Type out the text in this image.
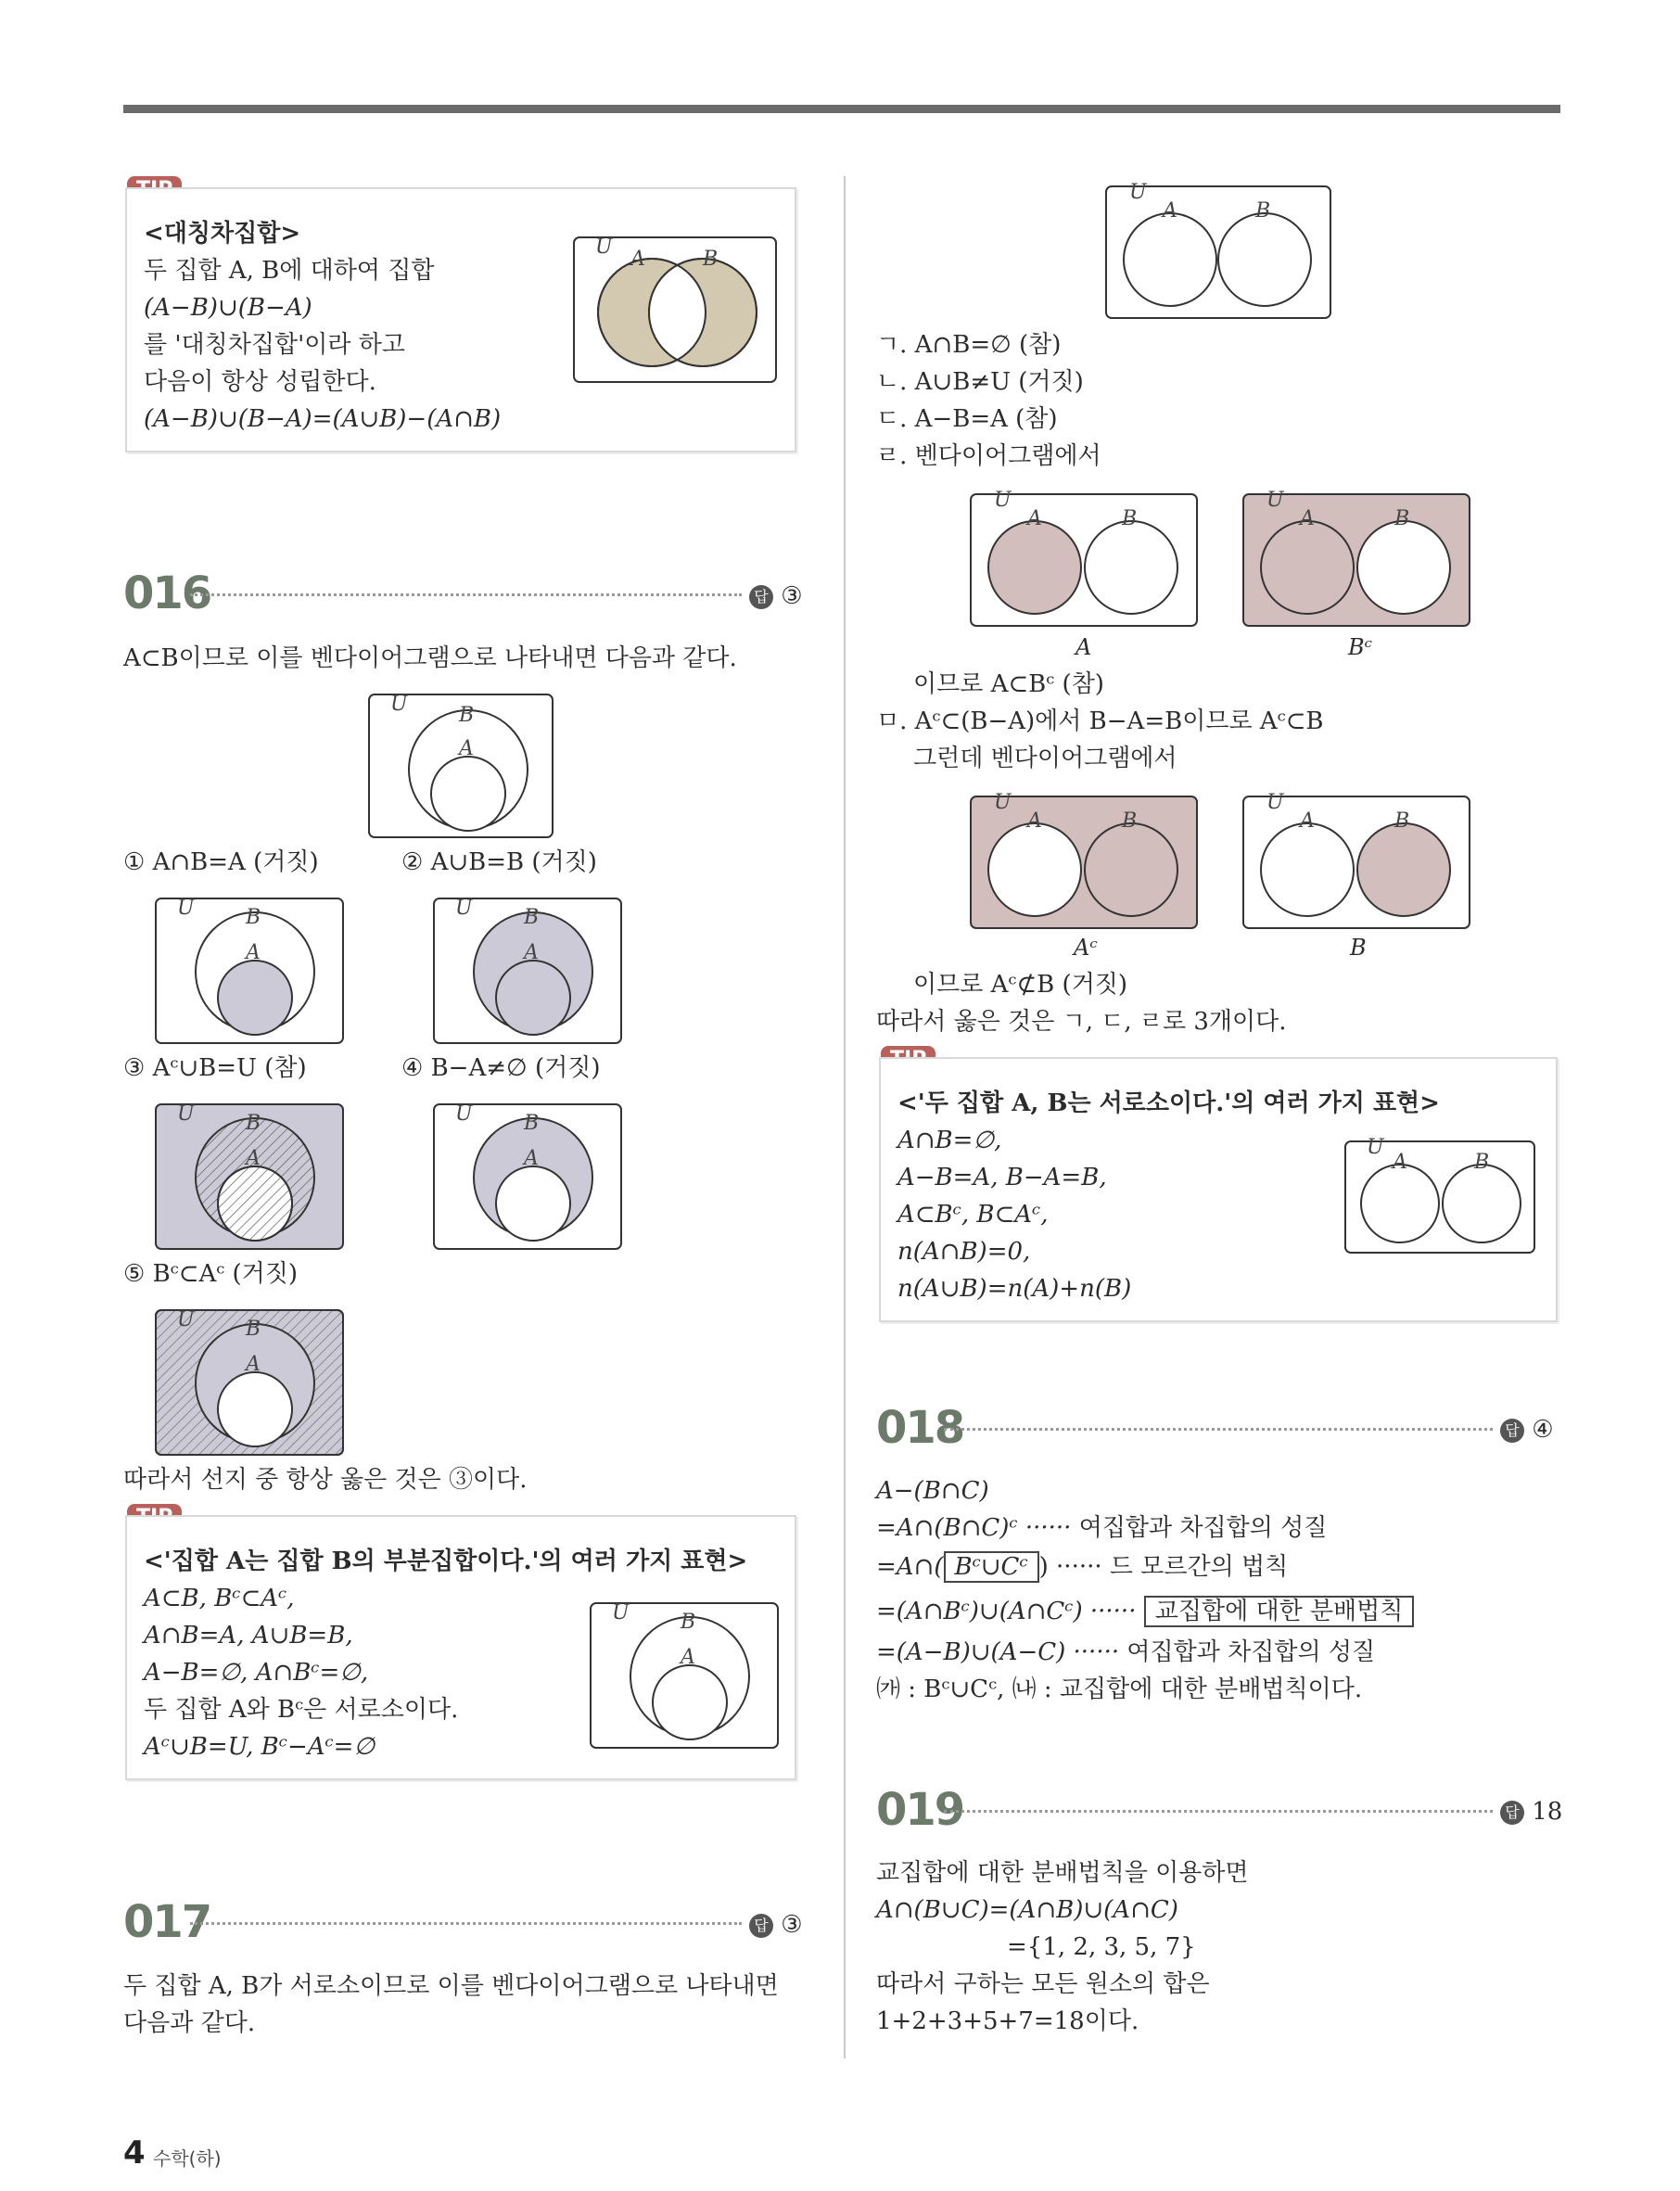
<대칭차집합>
두 집합 A, B에 대하여 집합
(A−B)∪(B−A)
를 '대칭차집합'이라 하고
다음이 항상 성립한다.
(A−B)∪(B−A)=(A∪B)−(A∩B)
U
A	B
016	답 ③
A⊂B이므로 이를 벤다이어그램으로 나타내면 다음과 같다.
U	B
A
① A∩B=A (거짓)	② A∪B=B (거짓)
U	B
A
U	B
A
③ Aᶜ∪B=U (참)	④ B−A≠∅ (거짓)
U	B
A
U	B
A
⑤ Bᶜ⊂Aᶜ (거짓)
U	B
A
따라서 선지 중 항상 옳은 것은 ③이다.
<'집합 A는 집합 B의 부분집합이다.'의 여러 가지 표현>
A⊂B, Bᶜ⊂Aᶜ,
A∩B=A, A∪B=B,
A−B=∅, A∩Bᶜ=∅,
두 집합 A와 Bᶜ은 서로소이다.
Aᶜ∪B=U, Bᶜ−Aᶜ=∅
U	B
A
017	답 ③
두 집합 A, B가 서로소이므로 이를 벤다이어그램으로 나타내면
다음과 같다.
U
A	B
ㄱ. A∩B=∅ (참)
ㄴ. A∪B≠U (거짓)
ㄷ. A−B=A (참)
ㄹ. 벤다이어그램에서
U
A	B
U
A	B
A	Bᶜ
이므로 A⊂Bᶜ (참)
ㅁ. Aᶜ⊂(B−A)에서 B−A=B이므로 Aᶜ⊂B
그런데 벤다이어그램에서
U
A	B
U
A	B
Aᶜ	B
이므로 Aᶜ⊄B (거짓)
따라서 옳은 것은 ㄱ, ㄷ, ㄹ로 3개이다.
<'두 집합 A, B는 서로소이다.'의 여러 가지 표현>
A∩B=∅,
A−B=A, B−A=B,
A⊂Bᶜ, B⊂Aᶜ,
n(A∩B)=0,
n(A∪B)=n(A)+n(B)
U
A	B
018	답 ④
A−(B∩C)
=A∩(B∩C)ᶜ ······ 여집합과 차집합의 성질
=A∩( Bᶜ∪Cᶜ ) ······ 드 모르간의 법칙
=(A∩Bᶜ)∪(A∩Cᶜ) ······ 교집합에 대한 분배법칙
=(A−B)∪(A−C) ······ 여집합과 차집합의 성질
㈎ : Bᶜ∪Cᶜ, ㈏ : 교집합에 대한 분배법칙이다.
019	답 18
교집합에 대한 분배법칙을 이용하면
A∩(B∪C)=(A∩B)∪(A∩C)
={1, 2, 3, 5, 7}
따라서 구하는 모든 원소의 합은
1+2+3+5+7=18이다.
4 수학(하)
